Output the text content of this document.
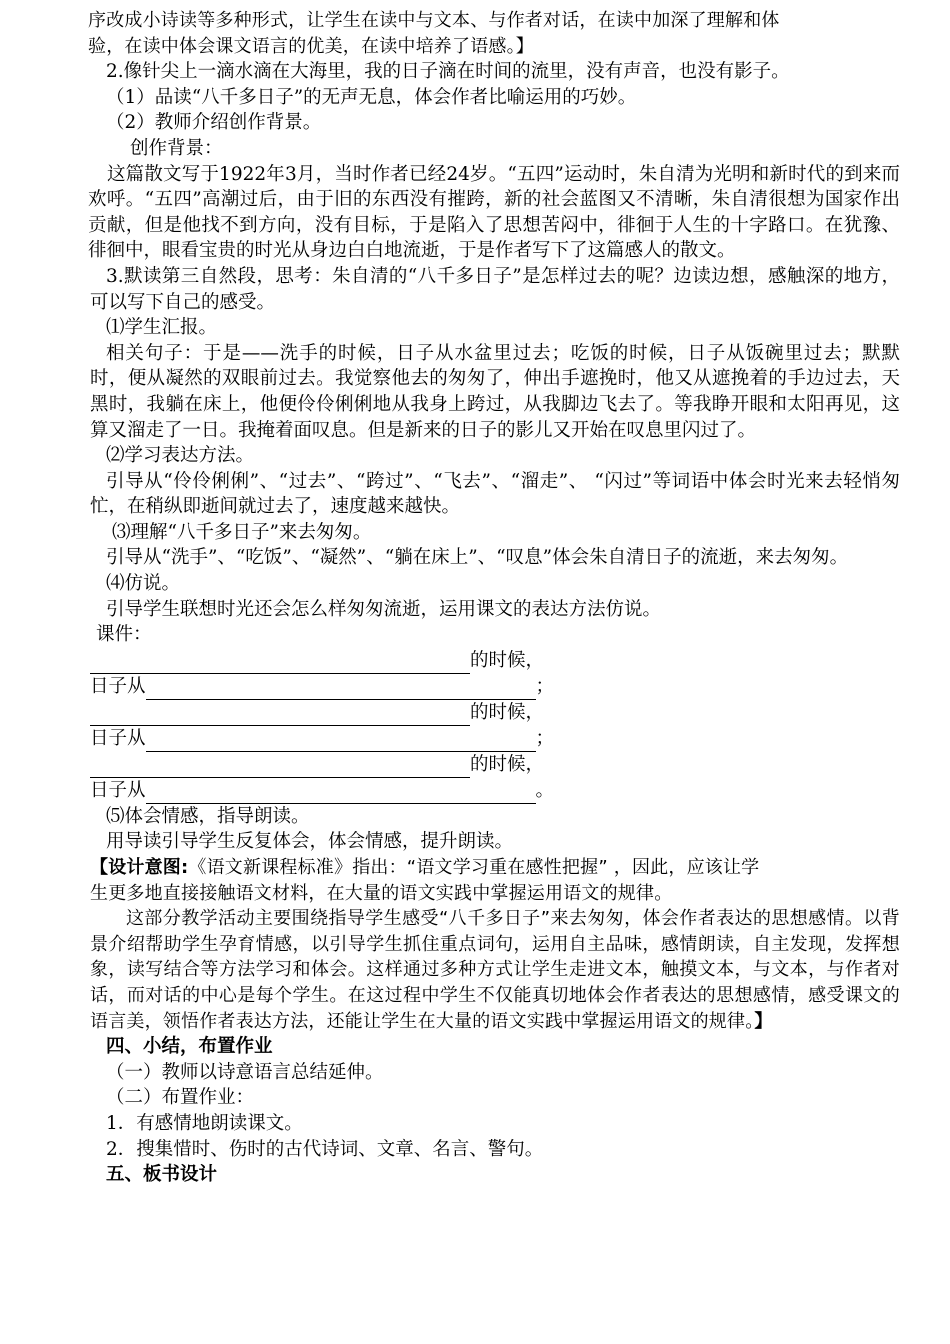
序改成小诗读等多种形式，让学生在读中与文本、与作者对话，在读中加深了理解和体

验，在读中体会课文语言的优美，在读中培养了语感。】

2.像针尖上一滴水滴在大海里，我的日子滴在时间的流里，没有声音，也没有影子。

（1）品读“八千多日子”的无声无息，体会作者比喻运用的巧妙。

（2）教师介绍创作背景。

创作背景：

这篇散文写于1922年3月，当时作者已经24岁。“五四”运动时，朱自清为光明和新时代的到来而欢呼。“五四”高潮过后，由于旧的东西没有摧跨，新的社会蓝图又不清晰，朱自清很想为国家作出贡献，但是他找不到方向，没有目标，于是陷入了思想苦闷中，徘徊于人生的十字路口。在犹豫、徘徊中，眼看宝贵的时光从身边白白地流逝，于是作者写下了这篇感人的散文。

3.默读第三自然段，思考：朱自清的“八千多日子”是怎样过去的呢？边读边想，感触深的地方，可以写下自己的感受。

⑴学生汇报。

相关句子：于是——洗手的时候，日子从水盆里过去；吃饭的时候，日子从饭碗里过去；默默时，便从凝然的双眼前过去。我觉察他去的匆匆了，伸出手遮挽时，他又从遮挽着的手边过去，天黑时，我躺在床上，他便伶伶俐俐地从我身上跨过，从我脚边飞去了。等我睁开眼和太阳再见，这算又溜走了一日。我掩着面叹息。但是新来的日子的影儿又开始在叹息里闪过了。

⑵学习表达方法。

引导从“伶伶俐俐”、“过去”、“跨过”、“飞去”、“溜走”、 “闪过”等词语中体会时光来去轻悄匆忙，在稍纵即逝间就过去了，速度越来越快。

⑶理解“八千多日子”来去匆匆。

引导从“洗手”、“吃饭”、“凝然”、“躺在床上”、“叹息”体会朱自清日子的流逝，来去匆匆。

⑷仿说。

引导学生联想时光还会怎么样匆匆流逝，运用课文的表达方法仿说。

课件：

的时候，
日子从	；
的时候，
日子从	；
的时候，
日子从	。

⑸体会情感，指导朗读。

用导读引导学生反复体会，体会情感，提升朗读。

【设计意图:《语文新课程标准》指出：“语文学习重在感性把握” ，因此，应该让学

生更多地直接接触语文材料，在大量的语文实践中掌握运用语文的规律。

这部分教学活动主要围绕指导学生感受“八千多日子”来去匆匆，体会作者表达的思想感情。以背景介绍帮助学生孕育情感，以引导学生抓住重点词句，运用自主品味，感情朗读，自主发现，发挥想象，读写结合等方法学习和体会。这样通过多种方式让学生走进文本，触摸文本，与文本，与作者对话，而对话的中心是每个学生。在这过程中学生不仅能真切地体会作者表达的思想感情，感受课文的语言美，领悟作者表达方法，还能让学生在大量的语文实践中掌握运用语文的规律。】

四、小结，布置作业

（一）教师以诗意语言总结延伸。

（二）布置作业：

1．有感情地朗读课文。

2．搜集惜时、伤时的古代诗词、文章、名言、警句。

五、板书设计
